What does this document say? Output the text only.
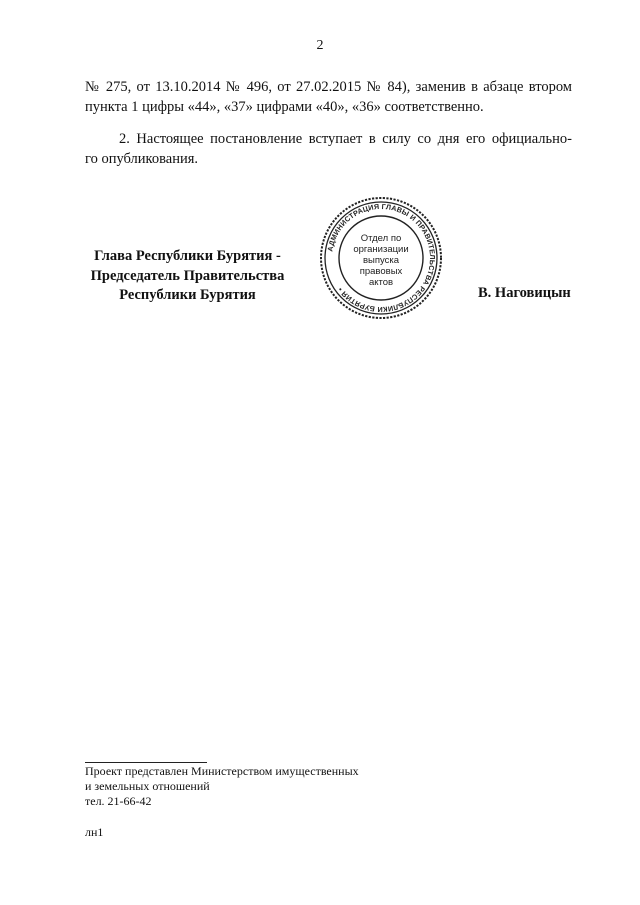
2
№ 275, от 13.10.2014 № 496, от 27.02.2015 № 84), заменив в абзаце втором
пункта 1 цифры «44», «37» цифрами «40», «36» соответственно.
2. Настоящее постановление вступает в силу со дня его официально-
го опубликования.
Глава Республики Бурятия -
Председатель Правительства
Республики Бурятия
АДМИНИСТРАЦИЯ ГЛАВЫ И ПРАВИТЕЛЬСТВА РЕСПУБЛИКИ БУРЯТИЯ •
Отдел по
организации
выпуска
правовых
актов
В. Наговицын
Проект представлен Министерством имущественных
и земельных отношений
тел. 21-66-42
лн1
